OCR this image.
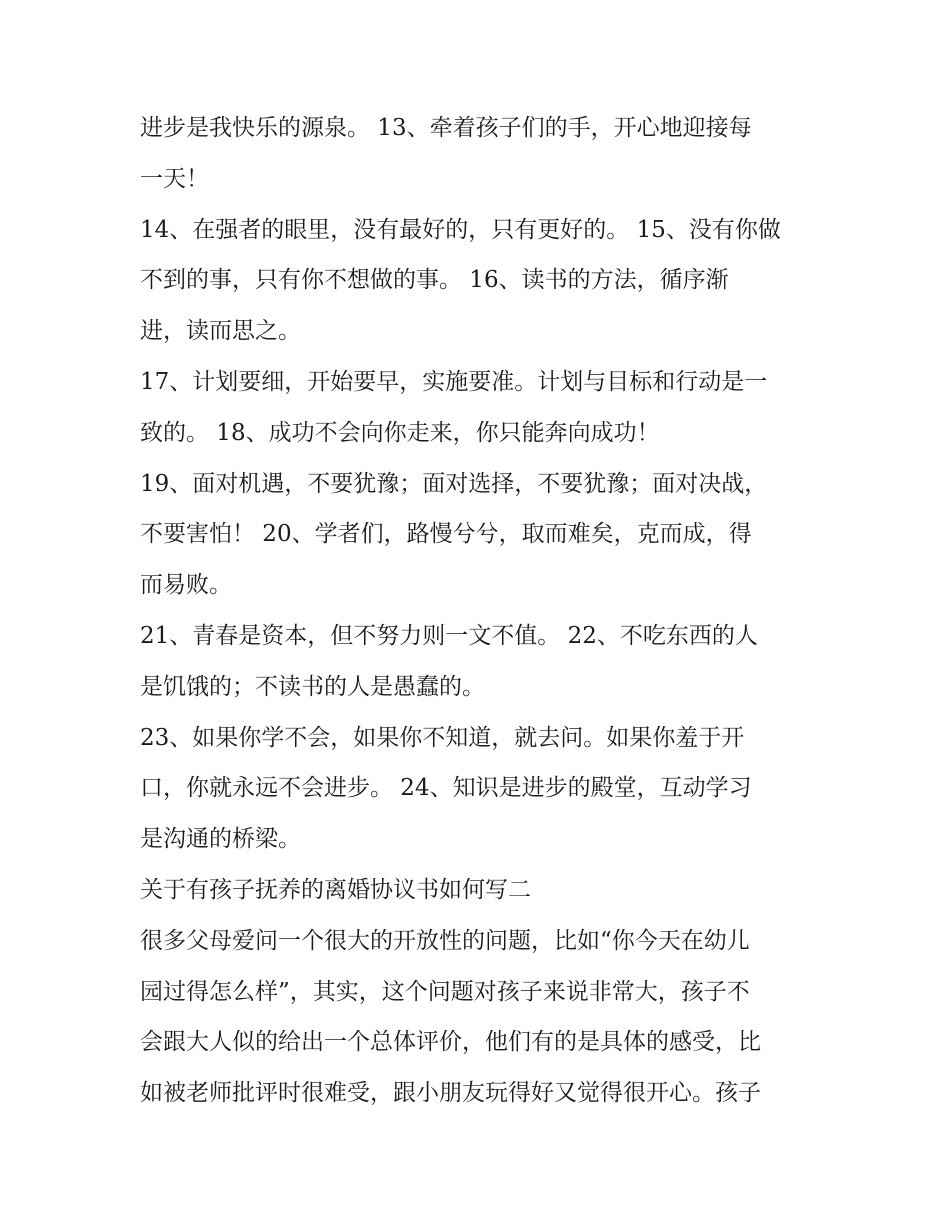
进步是我快乐的源泉。 13、牵着孩子们的手，开心地迎接每
一天！
14、在强者的眼里，没有最好的，只有更好的。 15、没有你做
不到的事，只有你不想做的事。 16、读书的方法，循序渐
进，读而思之。
17、计划要细，开始要早，实施要准。计划与目标和行动是一
致的。 18、成功不会向你走来，你只能奔向成功！
19、面对机遇，不要犹豫；面对选择，不要犹豫；面对决战，
不要害怕！ 20、学者们，路慢兮兮，取而难矣，克而成，得
而易败。
21、青春是资本，但不努力则一文不值。 22、不吃东西的人
是饥饿的；不读书的人是愚蠢的。
23、如果你学不会，如果你不知道，就去问。如果你羞于开
口，你就永远不会进步。 24、知识是进步的殿堂，互动学习
是沟通的桥梁。
关于有孩子抚养的离婚协议书如何写二
很多父母爱问一个很大的开放性的问题，比如“你今天在幼儿
园过得怎么样”，其实，这个问题对孩子来说非常大，孩子不
会跟大人似的给出一个总体评价，他们有的是具体的感受，比
如被老师批评时很难受，跟小朋友玩得好又觉得很开心。孩子
